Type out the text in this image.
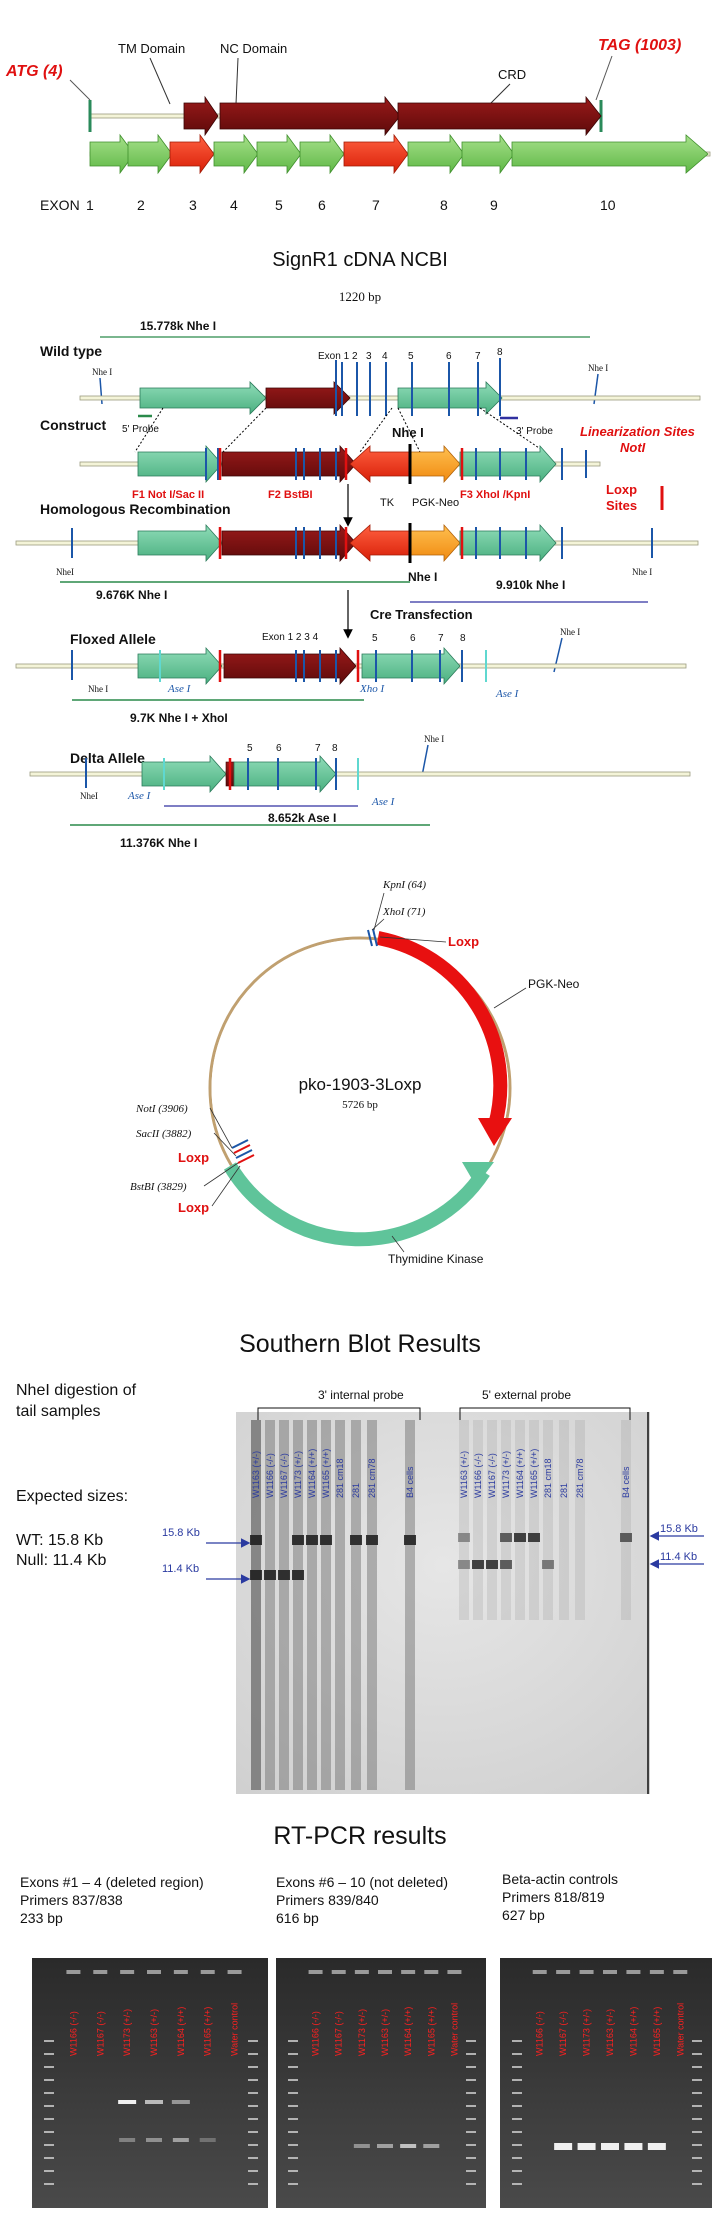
ATG (4)
TAG (1003)
TM Domain	NC Domain
CRD
EXON 1	2	3 4	5	6	7	8	9	10
SignR1 cDNA NCBI
1220 bp
15.778k Nhe I
Wild type
Nhe I	Nhe I
Exon 1 2 3 4 5	6 7 8
Construct 5' Probe	3' Probe
Nhe I	Linearization Sites
NotI
F1 Not I/Sac II	F2 BstBI	F3 XhoI /KpnI
TK PGK-Neo
Loxp Sites
Homologous Recombination
NheI	Nhe I
Nhe I
9.676K Nhe I
9.910k Nhe I
Cre Transfection
Floxed Allele	Exon 1 2 3 4	5	6 7 8
Nhe I
Nhe I	Ase I	Xho I	Ase I
9.7K Nhe I + XhoI
5 6	7 8
Nhe I
Delta Allele
NheI	Ase I	Ase I
8.652k Ase I
11.376K Nhe I
pko-1903-3Loxp
5726 bp
KpnI (64)
XhoI (71)
Loxp
PGK-Neo
NotI (3906)
SacII (3882)
Loxp
BstBI (3829)
Loxp
Thymidine Kinase
Southern Blot Results
NheI digestion of
tail samples
Expected sizes:
WT: 15.8 Kb
Null: 11.4 Kb
3' internal probe	5' external probe
W1163 (+/-) W1166 (-/-) W1167 (-/-) W1173 (+/-) W1164 (+/+) W1165 (+/+) 281 cm18 281 281 cm78	B4 cells	W1163 (+/-) W1166 (-/-) W1167 (-/-) W1173 (+/-) W1164 (+/+) W1165 (+/+) 281 cm18 281 281 cm78	B4 cells
15.8 Kb
11.4 Kb
15.8 Kb
11.4 Kb
RT-PCR results
Exons #1 – 4 (deleted region)
Primers 837/838
233 bp
Exons #6 – 10 (not deleted)
Primers 839/840
616 bp
Beta-actin controls
Primers 818/819
627 bp
W1166 (-/-) W1167 (-/-) W1173 (+/-) W1163 (+/-) W1164 (+/+) W1165 (+/+) Water control	W1166 (-/-) W1167 (-/-) W1173 (+/-) W1163 (+/-) W1164 (+/+) W1165 (+/+) Water control	W1166 (-/-) W1167 (-/-) W1173 (+/-) W1163 (+/-) W1164 (+/+) W1165 (+/+) Water control
